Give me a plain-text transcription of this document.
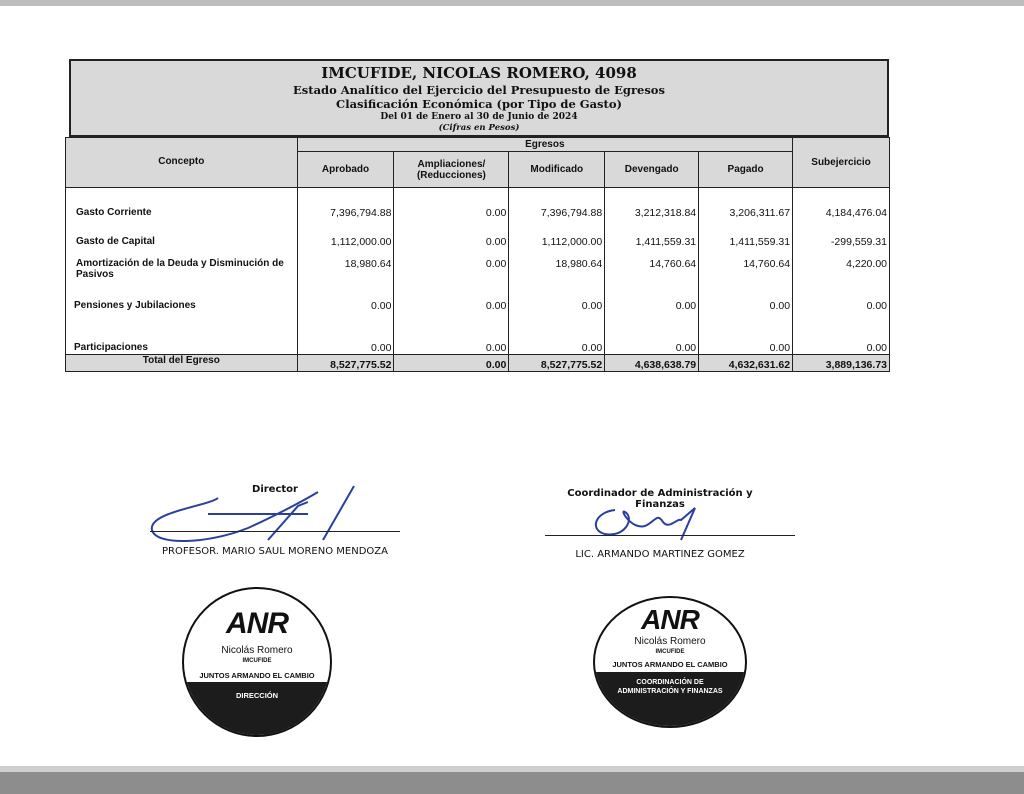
IMCUFIDE, NICOLAS ROMERO, 4098
Estado Analítico del Ejercicio del Presupuesto de Egresos
Clasificación Económica (por Tipo de Gasto)
Del 01 de Enero al 30 de Junio de 2024
(Cifras en Pesos)
Concepto	Egresos					Subejercicio
	Aprobado	Ampliaciones/ (Reducciones)	Modificado	Devengado	Pagado	

Gasto Corriente	7,396,794.88	0.00	7,396,794.88	3,212,318.84	3,206,311.67	4,184,476.04
Gasto de Capital	1,112,000.00	0.00	1,112,000.00	1,411,559.31	1,411,559.31	-299,559.31
Amortización de la Deuda y Disminución de Pasivos	18,980.64	0.00	18,980.64	14,760.64	14,760.64	4,220.00
Pensiones y Jubilaciones	0.00	0.00	0.00	0.00	0.00	0.00
Participaciones	0.00	0.00	0.00	0.00	0.00	0.00
Total del Egreso	8,527,775.52	0.00	8,527,775.52	4,638,638.79	4,632,631.62	3,889,136.73
Director
PROFESOR. MARIO SAUL MORENO MENDOZA
Coordinador de Administración y Finanzas
LIC. ARMANDO MARTINEZ GOMEZ
ANR
Nicolás Romero
IMCUFIDE
JUNTOS ARMANDO EL CAMBIO
DIRECCIÓN
ANR
Nicolás Romero
IMCUFIDE
JUNTOS ARMANDO EL CAMBIO
COORDINACIÓN DE ADMINISTRACIÓN Y FINANZAS
